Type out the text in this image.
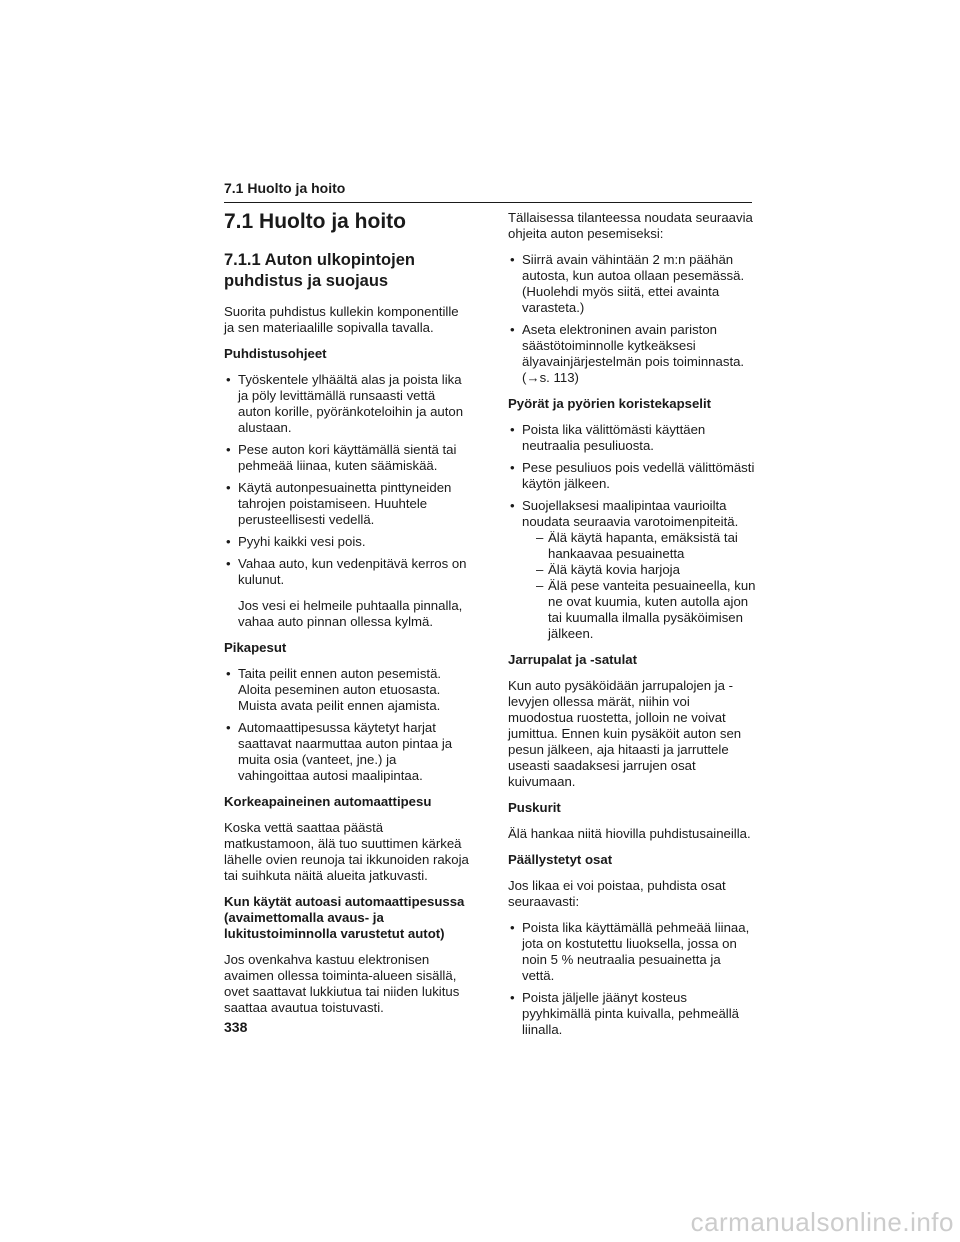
7.1 Huolto ja hoito
7.1 Huolto ja hoito
7.1.1 Auton ulkopintojen puhdistus ja suojaus

Suorita puhdistus kullekin komponentille ja sen materiaalille sopivalla tavalla.

Puhdistusohjeet

• Työskentele ylhäältä alas ja poista lika ja pöly levittämällä runsaasti vettä auton korille, pyöränkoteloihin ja auton alustaan.
• Pese auton kori käyttämällä sientä tai pehmeää liinaa, kuten säämiskää.
• Käytä autonpesuainetta pinttyneiden tahrojen poistamiseen. Huuhtele perusteellisesti vedellä.
• Pyyhi kaikki vesi pois.
• Vahaa auto, kun vedenpitävä kerros on kulunut.

Jos vesi ei helmeile puhtaalla pinnalla, vahaa auto pinnan ollessa kylmä.

Pikapesut

• Taita peilit ennen auton pesemistä. Aloita peseminen auton etuosasta. Muista avata peilit ennen ajamista.
• Automaattipesussa käytetyt harjat saattavat naarmuttaa auton pintaa ja muita osia (vanteet, jne.) ja vahingoittaa autosi maalipintaa.

Korkeapaineinen automaattipesu

Koska vettä saattaa päästä matkustamoon, älä tuo suuttimen kärkeä lähelle ovien reunoja tai ikkunoiden rakoja tai suihkuta näitä alueita jatkuvasti.

Kun käytät autoasi automaattipesussa (avaimettomalla avaus- ja lukitustoiminnolla varustetut autot)

Jos ovenkahva kastuu elektronisen avaimen ollessa toiminta-alueen sisällä, ovet saattavat lukkiutua tai niiden lukitus saattaa avautua toistuvasti.

Tällaisessa tilanteessa noudata seuraavia ohjeita auton pesemiseksi:

• Siirrä avain vähintään 2 m:n päähän autosta, kun autoa ollaan pesemässä. (Huolehdi myös siitä, ettei avainta varasteta.)
• Aseta elektroninen avain pariston säästötoiminnolle kytkeäksesi älyavainjärjestelmän pois toiminnasta. (→s. 113)

Pyörät ja pyörien koristekapselit

• Poista lika välittömästi käyttäen neutraalia pesuliuosta.
• Pese pesuliuos pois vedellä välittömästi käytön jälkeen.
• Suojellaksesi maalipintaa vaurioilta noudata seuraavia varotoimenpiteitä.
– Älä käytä hapanta, emäksistä tai hankaavaa pesuainetta
– Älä käytä kovia harjoja
– Älä pese vanteita pesuaineella, kun ne ovat kuumia, kuten autolla ajon tai kuumalla ilmalla pysäköimisen jälkeen.

Jarrupalat ja -satulat

Kun auto pysäköidään jarrupalojen ja -levyjen ollessa märät, niihin voi muodostua ruostetta, jolloin ne voivat jumittua. Ennen kuin pysäköit auton sen pesun jälkeen, aja hitaasti ja jarruttele useasti saadaksesi jarrujen osat kuivumaan.

Puskurit

Älä hankaa niitä hiovilla puhdistusaineilla.

Päällystetyt osat

Jos likaa ei voi poistaa, puhdista osat seuraavasti:

• Poista lika käyttämällä pehmeää liinaa, jota on kostutettu liuoksella, jossa on noin 5 % neutraalia pesuainetta ja vettä.
• Poista jäljelle jäänyt kosteus pyyhkimällä pinta kuivalla, pehmeällä liinalla.
338
carmanualsonline.info
